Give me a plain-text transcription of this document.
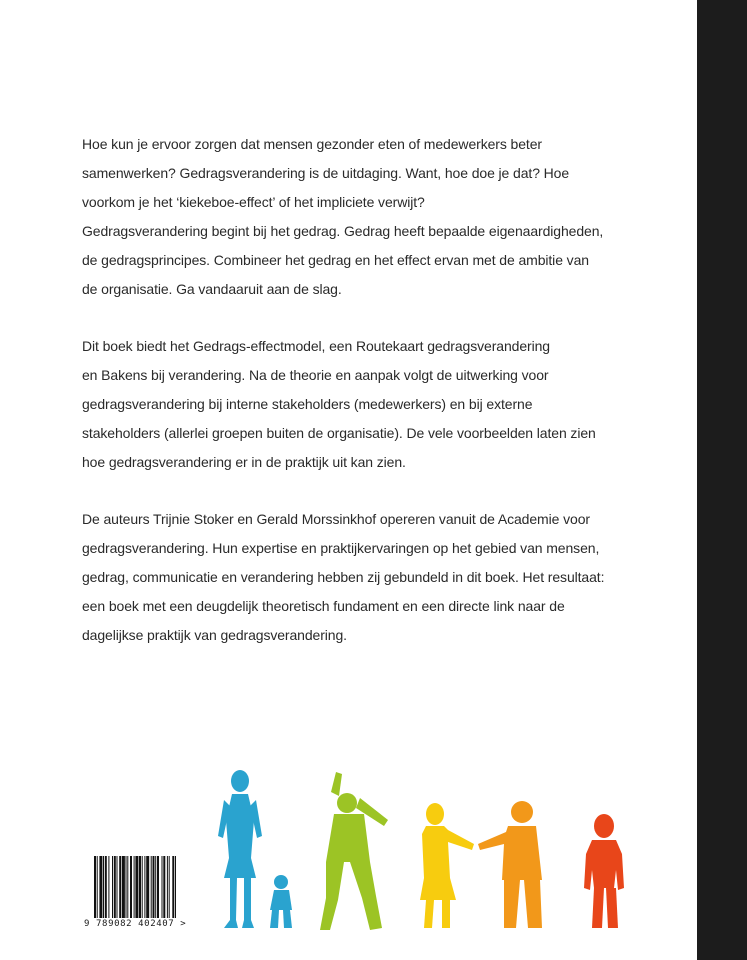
Hoe kun je ervoor zorgen dat mensen gezonder eten of medewerkers beter
samenwerken? Gedragsverandering is de uitdaging. Want, hoe doe je dat? Hoe
voorkom je het ‘kiekeboe-effect’ of het impliciete verwijt?
Gedragsverandering begint bij het gedrag. Gedrag heeft bepaalde eigenaardigheden,
de gedragsprincipes. Combineer het gedrag en het effect ervan met de ambitie van
de organisatie. Ga vandaaruit aan de slag.

Dit boek biedt het Gedrags-effectmodel, een Routekaart gedragsverandering
en Bakens bij verandering. Na de theorie en aanpak volgt de uitwerking voor
gedragsverandering bij interne stakeholders (medewerkers) en bij externe
stakeholders (allerlei groepen buiten de organisatie). De vele voorbeelden laten zien
hoe gedragsverandering er in de praktijk uit kan zien.

De auteurs Trijnie Stoker en Gerald Morssinkhof opereren vanuit de Academie voor
gedragsverandering. Hun expertise en praktijkervaringen op het gebied van mensen,
gedrag, communicatie en verandering hebben zij gebundeld in dit boek. Het resultaat:
een boek met een deugdelijk theoretisch fundament en een directe link naar de
dagelijkse praktijk van gedragsverandering.

9 789082 402407 >
